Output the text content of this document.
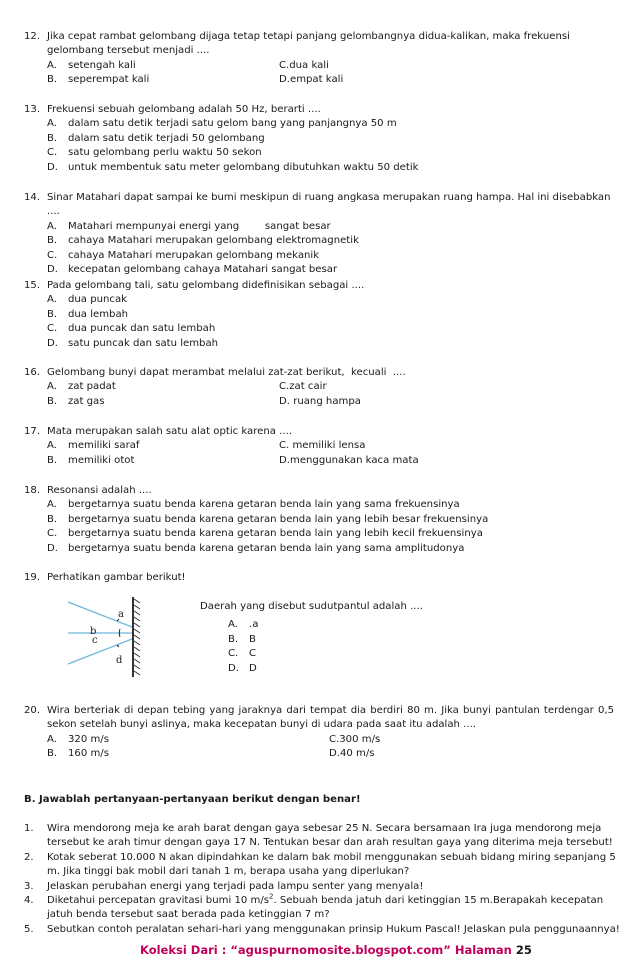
12. Jika cepat rambat gelombang dijaga tetap tetapi panjang gelombangnya didua-kalikan, maka frekuensi gelombang tersebut menjadi ....
A.	setengah kali	C.dua kali
B.	seperempat kali	D.empat kali
13. Frekuensi sebuah gelombang adalah 50 Hz, berarti ....
A.	dalam satu detik terjadi satu gelom bang yang panjangnya 50 m
B.	dalam satu detik terjadi 50 gelombang
C.	satu gelombang perlu waktu 50 sekon
D. untuk membentuk satu meter gelombang dibutuhkan waktu 50 detik
14. Sinar Matahari dapat sampai ke bumi meskipun di ruang angkasa merupakan ruang hampa. Hal ini disebabkan ....
A.	Matahari mempunyai energi yang        sangat besar
B.	cahaya Matahari merupakan gelombang elektromagnetik
C.	cahaya Matahari merupakan gelombang mekanik
D. kecepatan gelombang cahaya Matahari sangat besar
15. Pada gelombang tali, satu gelombang didefinisikan sebagai ....
A.	dua puncak
B.	dua lembah
C.	dua puncak dan satu lembah
D. satu puncak dan satu lembah
16. Gelombang bunyi dapat merambat melalui zat-zat berikut,  kecuali  ....
A.	zat padat	C.zat cair
B.	zat gas	D. ruang hampa
17. Mata merupakan salah satu alat optic karena ....
A.	memiliki saraf	C. memiliki lensa
B.	memiliki otot	D.menggunakan kaca mata
18. Resonansi adalah ....
A.	bergetarnya suatu benda karena getaran benda lain yang sama frekuensinya
B.	bergetarnya suatu benda karena getaran benda lain yang lebih besar frekuensinya
C.	bergetarnya suatu benda karena getaran benda lain yang lebih kecil frekuensinya
D. bergetarnya suatu benda karena getaran benda lain yang sama amplitudonya
19. Perhatikan gambar berikut!
a
b
c
d
Daerah yang disebut sudutpantul adalah ....
A.	.a
B.	B
C.	C
D. D
20. Wira berteriak di depan tebing yang jaraknya dari tempat dia berdiri 80 m. Jika bunyi pantulan terdengar 0,5 sekon setelah bunyi aslinya, maka kecepatan bunyi di udara pada saat itu adalah ....
A.	320 m/s	C.300 m/s
B.	160 m/s	D.40 m/s
B. Jawablah pertanyaan-pertanyaan berikut dengan benar!
1. Wira mendorong meja ke arah barat dengan gaya sebesar 25 N. Secara bersamaan Ira juga mendorong meja tersebut ke arah timur dengan gaya 17 N. Tentukan besar dan arah resultan gaya yang diterima meja tersebut!
2. Kotak seberat 10.000 N akan dipindahkan ke dalam bak mobil menggunakan sebuah bidang miring sepanjang 5 m. Jika tinggi bak mobil dari tanah 1 m, berapa usaha yang diperlukan?
3. Jelaskan perubahan energi yang terjadi pada lampu senter yang menyala!
4. Diketahui percepatan gravitasi bumi 10 $m/s^2$. Sebuah benda jatuh dari ketinggian 15 m.Berapakah kecepatan jatuh benda tersebut saat berada pada ketinggian 7 m?
5. Sebutkan contoh peralatan sehari-hari yang menggunakan prinsip Hukum Pascal! Jelaskan pula penggunaannya!
Koleksi Dari : “aguspurnomosite.blogspot.com” Halaman 25
